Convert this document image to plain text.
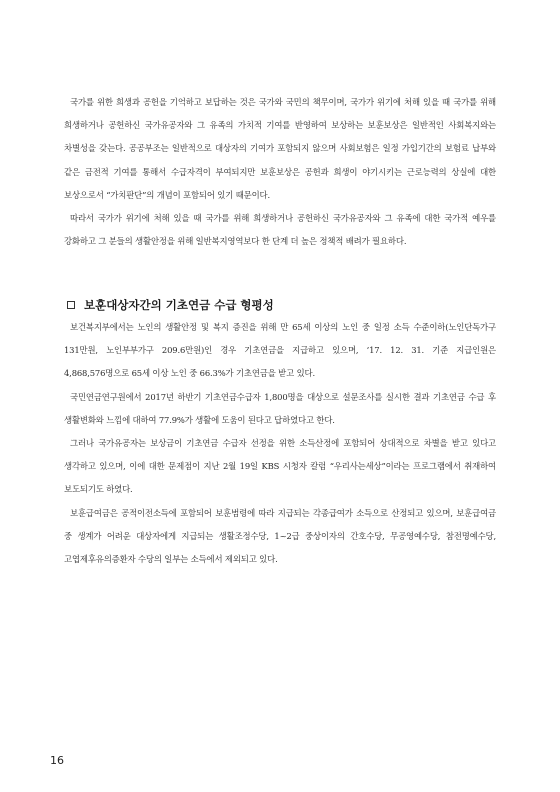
국가를 위한 희생과 공헌을 기억하고 보답하는 것은 국가와 국민의 책무이며, 국가가 위기에 처해 있을 때 국가를 위해 희생하거나 공헌하신 국가유공자와 그 유족의 가치적 기여를 반영하여 보상하는 보훈보상은 일반적인 사회복지와는 차별성을 갖는다. 공공부조는 일반적으로 대상자의 기여가 포함되지 않으며 사회보험은 일정 가입기간의 보험료 납부와 같은 금전적 기여를 통해서 수급자격이 부여되지만 보훈보상은 공헌과 희생이 야기시키는 근로능력의 상실에 대한 보상으로서 “가치판단”의 개념이 포함되어 있기 때문이다.

따라서 국가가 위기에 처해 있을 때 국가를 위해 희생하거나 공헌하신 국가유공자와 그 유족에 대한 국가적 예우를 강화하고 그 분들의 생활안정을 위해 일반복지영역보다 한 단계 더 높은 정책적 배려가 필요하다.

보훈대상자간의 기초연금 수급 형평성

보건복지부에서는 노인의 생활안정 및 복지 증진을 위해 만 65세 이상의 노인 중 일정 소득 수준이하(노인단독가구 131만원, 노인부부가구 209.6만원)인 경우 기초연금을 지급하고 있으며, ’17. 12. 31. 기준 지급인원은 4,868,576명으로 65세 이상 노인 중 66.3%가 기초연금을 받고 있다.

국민연금연구원에서 2017년 하반기 기초연금수급자 1,800명을 대상으로 설문조사를 실시한 결과 기초연금 수급 후 생활변화와 느낌에 대하여 77.9%가 생활에 도움이 된다고 답하였다고 한다.

그러나 국가유공자는 보상금이 기초연금 수급자 선정을 위한 소득산정에 포함되어 상대적으로 차별을 받고 있다고 생각하고 있으며, 이에 대한 문제점이 지난 2월 19일 KBS 시청자 칼럼 “우리사는세상”이라는 프로그램에서 취재하여 보도되기도 하였다.

보훈급여금은 공적이전소득에 포함되어 보훈범령에 따라 지급되는 각종급여가 소득으로 산정되고 있으며, 보훈급여금 중 생계가 어려운 대상자에게 지급되는 생활조정수당, 1~2급 중상이자의 간호수당, 무공영예수당, 참전명예수당, 고엽제후유의증환자 수당의 일부는 소득에서 제외되고 있다.

16
